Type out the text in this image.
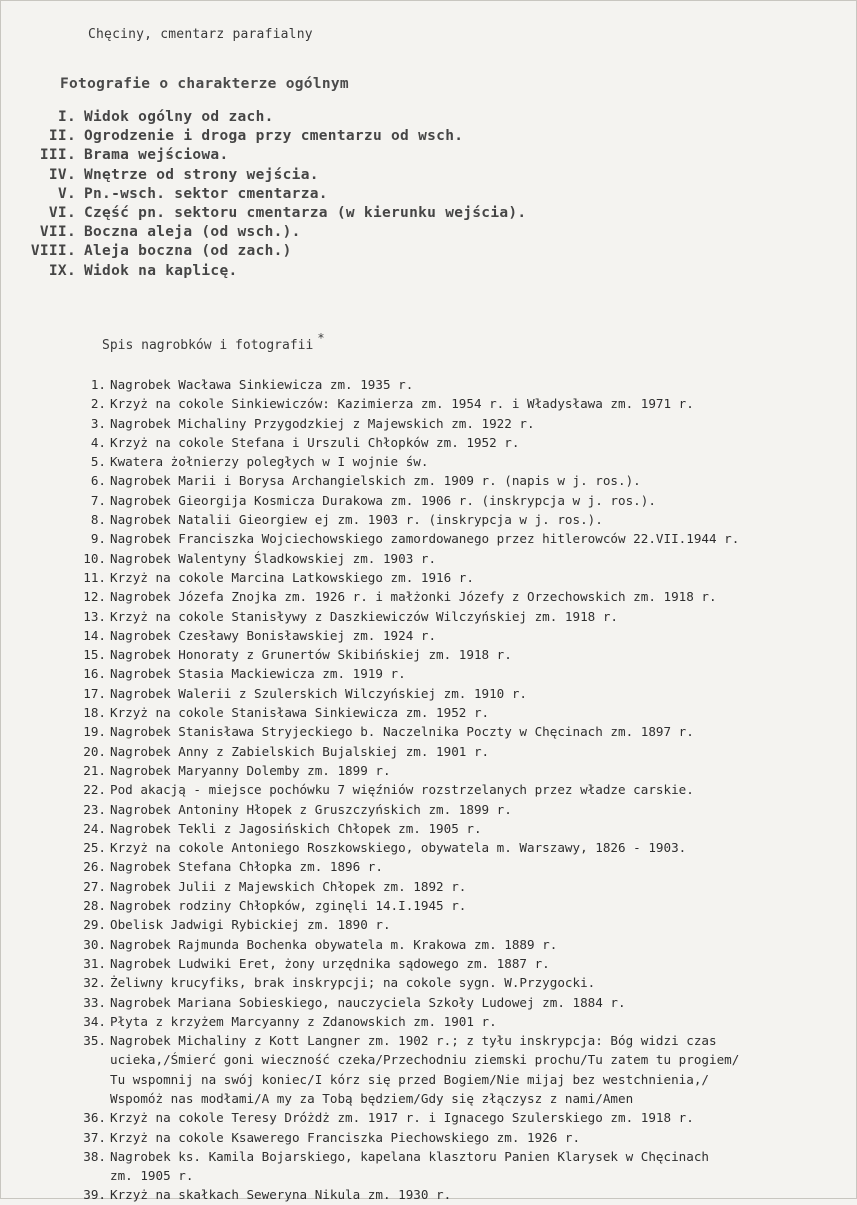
Chęciny, cmentarz parafialny
Fotografie o charakterze ogólnym
I. Widok ogólny od zach.
II. Ogrodzenie i droga przy cmentarzu od wsch.
III. Brama wejściowa.
IV. Wnętrze od strony wejścia.
V. Pn.-wsch. sektor cmentarza.
VI. Część pn. sektoru cmentarza (w kierunku wejścia).
VII. Boczna aleja (od wsch.).
VIII. Aleja boczna (od zach.)
IX. Widok na kaplicę.
Spis nagrobków i fotografii *
1. Nagrobek Wacława Sinkiewicza zm. 1935 r.
2. Krzyż na cokole Sinkiewiczów: Kazimierza zm. 1954 r. i Władysława zm. 1971 r.
3. Nagrobek Michaliny Przygodzkiej z Majewskich zm. 1922 r.
4. Krzyż na cokole Stefana i Urszuli Chłopków zm. 1952 r.
5. Kwatera żołnierzy poległych w I wojnie św.
6. Nagrobek Marii i Borysa Archangielskich zm. 1909 r. (napis w j. ros.).
7. Nagrobek Gieorgija Kosmicza Durakowa zm. 1906 r. (inskrypcja w j. ros.).
8. Nagrobek Natalii Gieorgiew ej zm. 1903 r. (inskrypcja w j. ros.).
9. Nagrobek Franciszka Wojciechowskiego zamordowanego przez hitlerowców 22.VII.1944 r.
10. Nagrobek Walentyny Śladkowskiej zm. 1903 r.
11. Krzyż na cokole Marcina Latkowskiego zm. 1916 r.
12. Nagrobek Józefa Znojka zm. 1926 r. i małżonki Józefy z Orzechowskich zm. 1918 r.
13. Krzyż na cokole Stanisływy z Daszkiewiczów Wilczyńskiej zm. 1918 r.
14. Nagrobek Czesławy Bonisławskiej zm. 1924 r.
15. Nagrobek Honoraty z Grunertów Skibińskiej zm. 1918 r.
16. Nagrobek Stasia Mackiewicza zm. 1919 r.
17. Nagrobek Walerii z Szulerskich Wilczyńskiej zm. 1910 r.
18. Krzyż na cokole Stanisława Sinkiewicza zm. 1952 r.
19. Nagrobek Stanisława Stryjeckiego b. Naczelnika Poczty w Chęcinach zm. 1897 r.
20. Nagrobek Anny z Zabielskich Bujalskiej zm. 1901 r.
21. Nagrobek Maryanny Dolemby zm. 1899 r.
22. Pod akacją - miejsce pochówku 7 więźniów rozstrzelanych przez władze carskie.
23. Nagrobek Antoniny Hłopek z Gruszczyńskich zm. 1899 r.
24. Nagrobek Tekli z Jagosińskich Chłopek zm. 1905 r.
25. Krzyż na cokole Antoniego Roszkowskiego, obywatela m. Warszawy, 1826 - 1903.
26. Nagrobek Stefana Chłopka zm. 1896 r.
27. Nagrobek Julii z Majewskich Chłopek zm. 1892 r.
28. Nagrobek rodziny Chłopków, zginęli 14.I.1945 r.
29. Obelisk Jadwigi Rybickiej zm. 1890 r.
30. Nagrobek Rajmunda Bochenka obywatela m. Krakowa zm. 1889 r.
31. Nagrobek Ludwiki Eret, żony urzędnika sądowego zm. 1887 r.
32. Żeliwny krucyfiks, brak inskrypcji; na cokole sygn. W.Przygocki.
33. Nagrobek Mariana Sobieskiego, nauczyciela Szkoły Ludowej zm. 1884 r.
34. Płyta z krzyżem Marcyanny z Zdanowskich zm. 1901 r.
35. Nagrobek Michaliny z Kott Langner zm. 1902 r.; z tyłu inskrypcja: Bóg widzi czas
ucieka,/Śmierć goni wieczność czeka/Przechodniu ziemski prochu/Tu zatem tu progiem/
Tu wspomnij na swój koniec/I kórz się przed Bogiem/Nie mijaj bez westchnienia,/
Wspomóż nas modłami/A my za Tobą będziem/Gdy się złączysz z nami/Amen
36. Krzyż na cokole Teresy Dróżdż zm. 1917 r. i Ignacego Szulerskiego zm. 1918 r.
37. Krzyż na cokole Ksawerego Franciszka Piechowskiego zm. 1926 r.
38. Nagrobek ks. Kamila Bojarskiego, kapelana klasztoru Panien Klarysek w Chęcinach
zm. 1905 r.
39. Krzyż na skałkach Seweryna Nikula zm. 1930 r.
